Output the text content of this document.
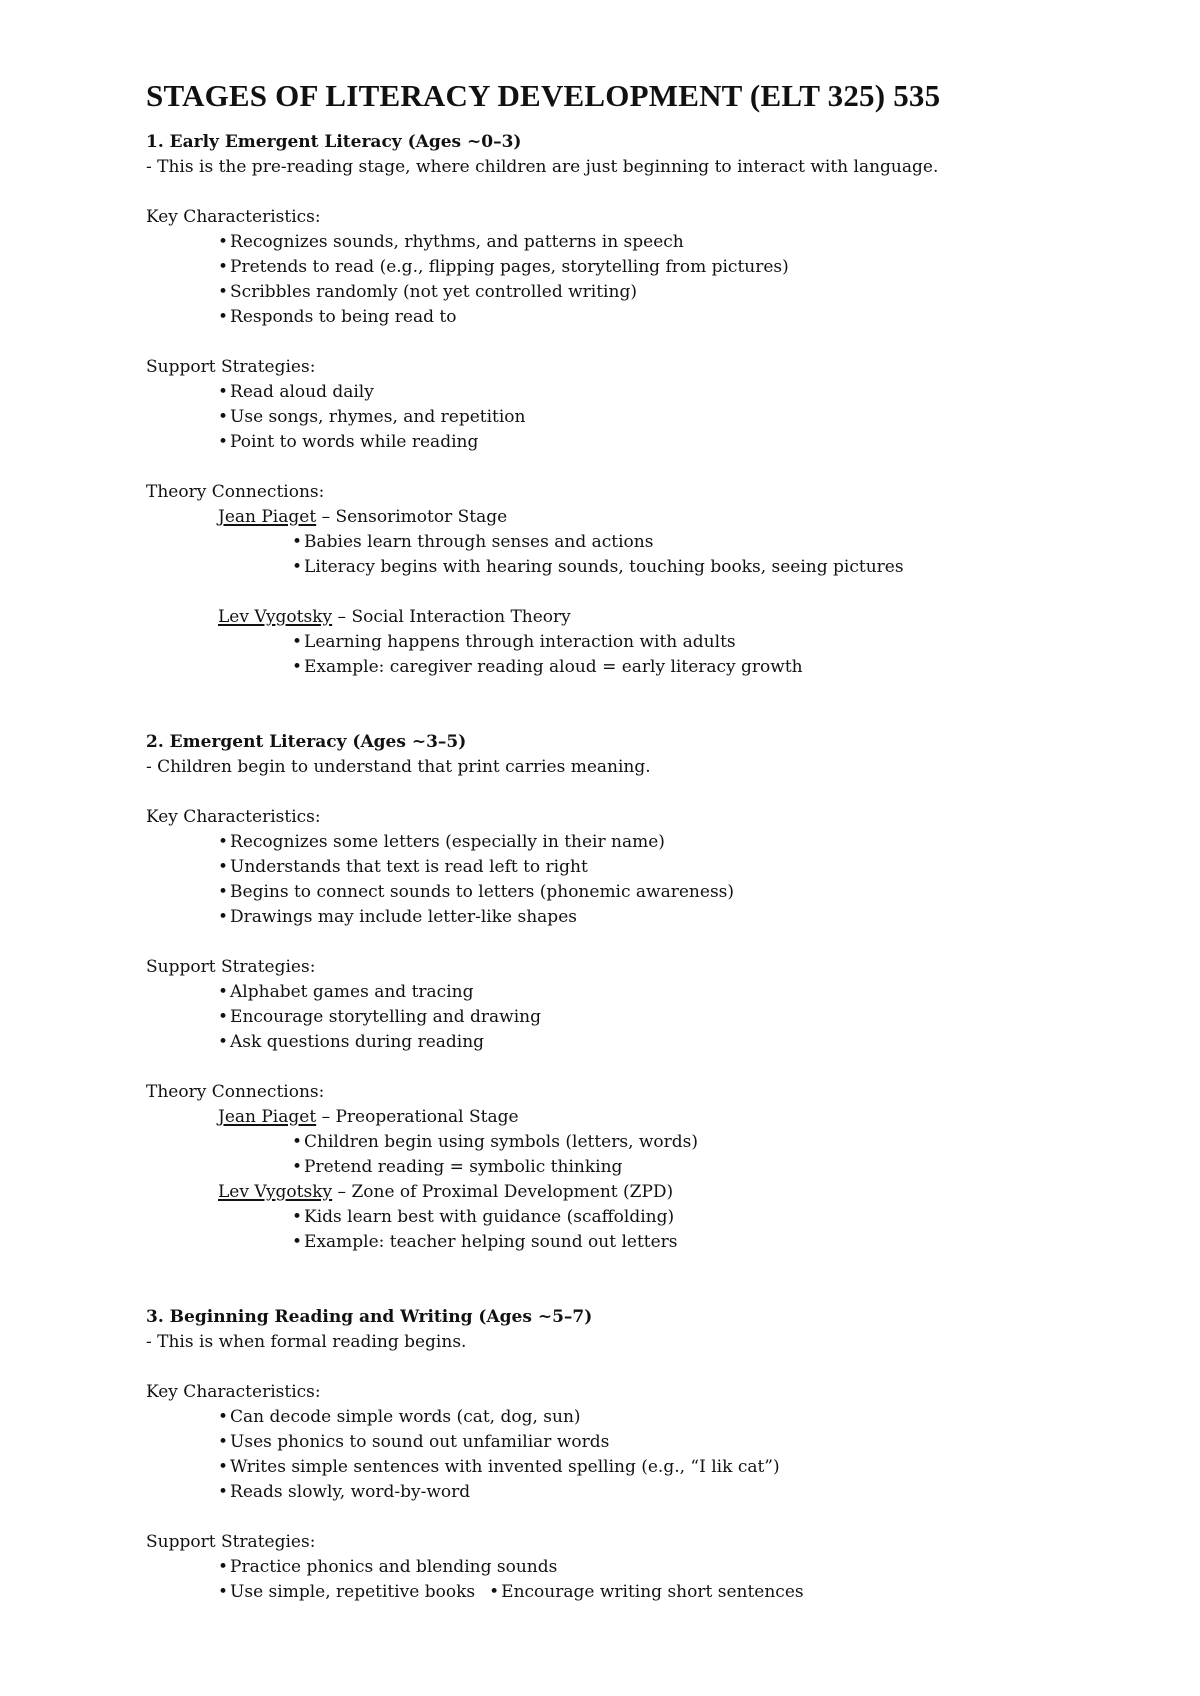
STAGES OF LITERACY DEVELOPMENT (ELT 325) 535
1. Early Emergent Literacy (Ages ~0–3)
- This is the pre-reading stage, where children are just beginning to interact with language.
Key Characteristics:
• Recognizes sounds, rhythms, and patterns in speech
• Pretends to read (e.g., flipping pages, storytelling from pictures)
• Scribbles randomly (not yet controlled writing)
• Responds to being read to
Support Strategies:
• Read aloud daily
• Use songs, rhymes, and repetition
• Point to words while reading
Theory Connections:
Jean Piaget – Sensorimotor Stage
• Babies learn through senses and actions
• Literacy begins with hearing sounds, touching books, seeing pictures
Lev Vygotsky – Social Interaction Theory
• Learning happens through interaction with adults
• Example: caregiver reading aloud = early literacy growth
2. Emergent Literacy (Ages ~3–5)
- Children begin to understand that print carries meaning.
Key Characteristics:
• Recognizes some letters (especially in their name)
• Understands that text is read left to right
• Begins to connect sounds to letters (phonemic awareness)
• Drawings may include letter-like shapes
Support Strategies:
• Alphabet games and tracing
• Encourage storytelling and drawing
• Ask questions during reading
Theory Connections:
Jean Piaget – Preoperational Stage
• Children begin using symbols (letters, words)
• Pretend reading = symbolic thinking
Lev Vygotsky – Zone of Proximal Development (ZPD)
• Kids learn best with guidance (scaffolding)
• Example: teacher helping sound out letters
3. Beginning Reading and Writing (Ages ~5–7)
- This is when formal reading begins.
Key Characteristics:
• Can decode simple words (cat, dog, sun)
• Uses phonics to sound out unfamiliar words
• Writes simple sentences with invented spelling (e.g., “I lik cat”)
• Reads slowly, word-by-word
Support Strategies:
• Practice phonics and blending sounds
• Use simple, repetitive books • Encourage writing short sentences
